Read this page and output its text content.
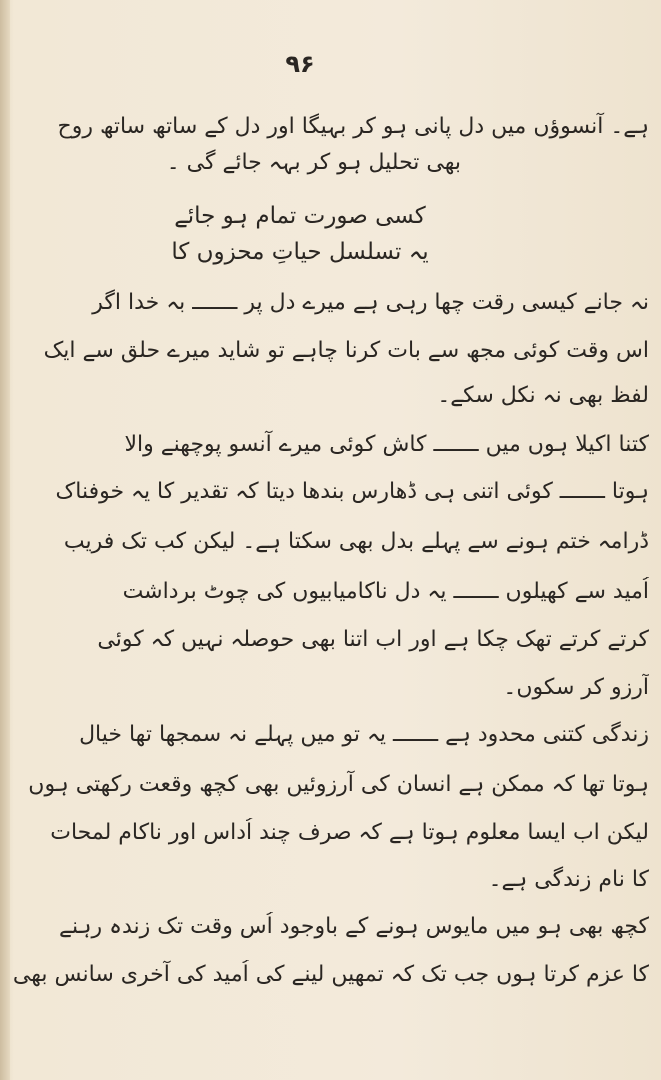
۹۶
ہے۔ آنسوؤں میں دل پانی ہو کر بہیگا اور دل کے ساتھ ساتھ روح
بھی تحلیل ہو کر بہہ جائے گی ۔
کسی صورت تمام ہو جائے
یہ تسلسل حیاتِ محزوں کا
نہ جانے کیسی رقت چھا رہی ہے میرے دل پر ـــــــ بہ خدا اگر
اس وقت کوئی مجھ سے بات کرنا چاہے تو شاید میرے حلق سے ایک
لفظ بھی نہ نکل سکے۔
کتنا اکیلا ہوں میں ـــــــ کاش کوئی میرے آنسو پوچھنے والا
ہوتا ـــــــ کوئی اتنی ہی ڈھارس بندھا دیتا کہ تقدیر کا یہ خوفناک
ڈرامہ ختم ہونے سے پہلے بدل بھی سکتا ہے۔ لیکن کب تک فریب
اُمید سے کھیلوں ـــــــ یہ دل ناکامیابیوں کی چوٹ برداشت
کرتے کرتے تھک چکا ہے اور اب اتنا بھی حوصلہ نہیں کہ کوئی
آرزو کر سکوں۔
زندگی کتنی محدود ہے ـــــــ یہ تو میں پہلے نہ سمجھا تھا خیال
ہوتا تھا کہ ممکن ہے انسان کی آرزوئیں بھی کچھ وقعت رکھتی ہوں
لیکن اب ایسا معلوم ہوتا ہے کہ صرف چند اُداس اور ناکام لمحات
کا نام زندگی ہے۔
کچھ بھی ہو میں مایوس ہونے کے باوجود اُس وقت تک زندہ رہنے
کا عزم کرتا ہوں جب تک کہ تمھیں لینے کی اُمید کی آخری سانس بھی
